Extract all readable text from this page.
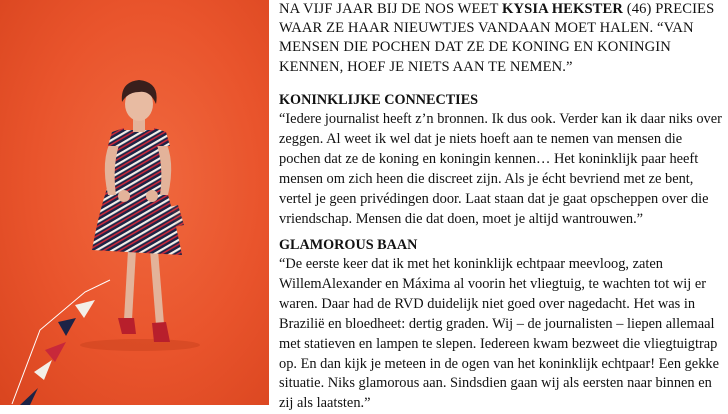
NA VIJF JAAR BIJ DE NOS WEET KYSIA HEKSTER (46) PRECIES WAAR ZE HAAR NIEUWTJES VANDAAN MOET HALEN. “VAN MENSEN DIE POCHEN DAT ZE DE KONING EN KONINGIN KENNEN, HOEF JE NIETS AAN TE NEMEN.”
KONINKLIJKE CONNECTIES
“Iedere journalist heeft z’n bronnen. Ik dus ook. Verder kan ik daar niks over zeggen. Al weet ik wel dat je niets hoeft aan te nemen van mensen die pochen dat ze de koning en koningin kennen… Het koninklijk paar heeft mensen om zich heen die discreet zijn. Als je écht bevriend met ze bent, vertel je geen privédingen door. Laat staan dat je gaat opscheppen over die vriendschap. Mensen die dat doen, moet je altijd wantrouwen.”
GLAMOROUS BAAN
“De eerste keer dat ik met het koninklijk echtpaar meevloog, zaten WillemAlexander en Máxima al voorin het vliegtuig, te wachten tot wij er waren. Daar had de RVD duidelijk niet goed over nagedacht. Het was in Brazilië en bloedheet: dertig graden. Wij – de journalisten – liepen allemaal met statieven en lampen te slepen. Iedereen kwam bezweet die vliegtuigtrap op. En dan kijk je meteen in de ogen van het koninklijk echtpaar! Een gekke situatie. Niks glamorous aan. Sindsdien gaan wij als eersten naar binnen en zij als laatsten.”
